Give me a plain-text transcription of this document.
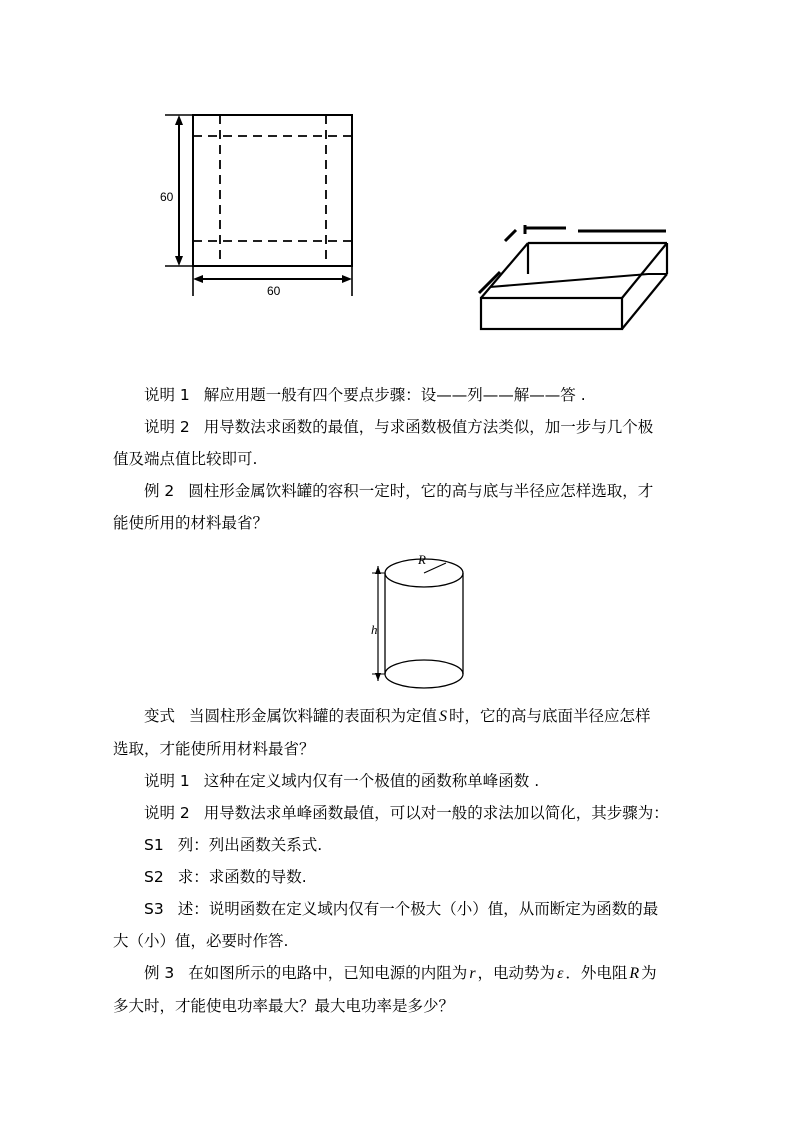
60
60

说明 1 解应用题一般有四个要点步骤：设——列——解——答 .

说明 2 用导数法求函数的最值，与求函数极值方法类似，加一步与几个极
值及端点值比较即可.

例 2 圆柱形金属饮料罐的容积一定时，它的高与底与半径应怎样选取，才
能使所用的材料最省？

R
h

变式 当圆柱形金属饮料罐的表面积为定值 S 时，它的高与底面半径应怎样
选取，才能使所用材料最省？

说明 1 这种在定义域内仅有一个极值的函数称单峰函数 .

说明 2 用导数法求单峰函数最值，可以对一般的求法加以简化，其步骤为：

S1 列：列出函数关系式.

S2 求：求函数的导数.

S3 述：说明函数在定义域内仅有一个极大（小）值，从而断定为函数的最
大（小）值，必要时作答.

例 3 在如图所示的电路中，已知电源的内阻为 r ，电动势为 ε ．外电阻 R 为
多大时，才能使电功率最大？最大电功率是多少？
